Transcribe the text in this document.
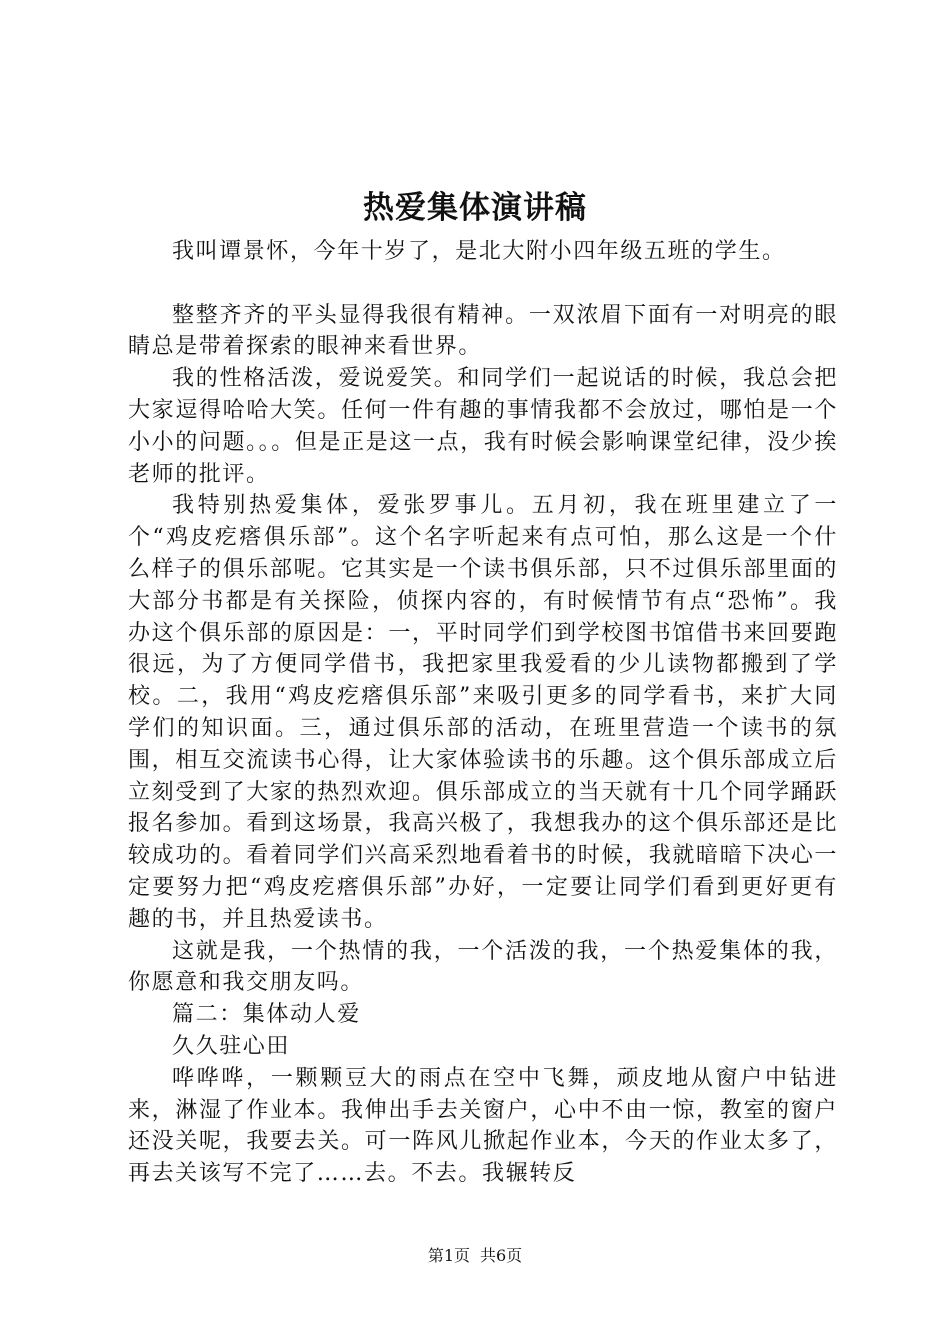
热爱集体演讲稿

我叫谭景怀，今年十岁了，是北大附小四年级五班的学生。

整整齐齐的平头显得我很有精神。一双浓眉下面有一对明亮的眼睛总是带着探索的眼神来看世界。

我的性格活泼，爱说爱笑。和同学们一起说话的时候，我总会把大家逗得哈哈大笑。任何一件有趣的事情我都不会放过，哪怕是一个小小的问题。。。但是正是这一点，我有时候会影响课堂纪律，没少挨老师的批评。

我特别热爱集体，爱张罗事儿。五月初，我在班里建立了一个“鸡皮疙瘩俱乐部”。这个名字听起来有点可怕，那么这是一个什么样子的俱乐部呢。它其实是一个读书俱乐部，只不过俱乐部里面的大部分书都是有关探险，侦探内容的，有时候情节有点“恐怖”。我办这个俱乐部的原因是：一，平时同学们到学校图书馆借书来回要跑很远，为了方便同学借书，我把家里我爱看的少儿读物都搬到了学校。二，我用“鸡皮疙瘩俱乐部”来吸引更多的同学看书，来扩大同学们的知识面。三，通过俱乐部的活动，在班里营造一个读书的氛围，相互交流读书心得，让大家体验读书的乐趣。这个俱乐部成立后立刻受到了大家的热烈欢迎。俱乐部成立的当天就有十几个同学踊跃报名参加。看到这场景，我高兴极了，我想我办的这个俱乐部还是比较成功的。看着同学们兴高采烈地看着书的时候，我就暗暗下决心一定要努力把“鸡皮疙瘩俱乐部”办好，一定要让同学们看到更好更有趣的书，并且热爱读书。

这就是我，一个热情的我，一个活泼的我，一个热爱集体的我，你愿意和我交朋友吗。

篇二：集体动人爱

久久驻心田

哗哗哗，一颗颗豆大的雨点在空中飞舞，顽皮地从窗户中钻进来，淋湿了作业本。我伸出手去关窗户，心中不由一惊，教室的窗户还没关呢，我要去关。可一阵风儿掀起作业本，今天的作业太多了，再去关该写不完了……去。不去。我辗转反

第1页 共6页
